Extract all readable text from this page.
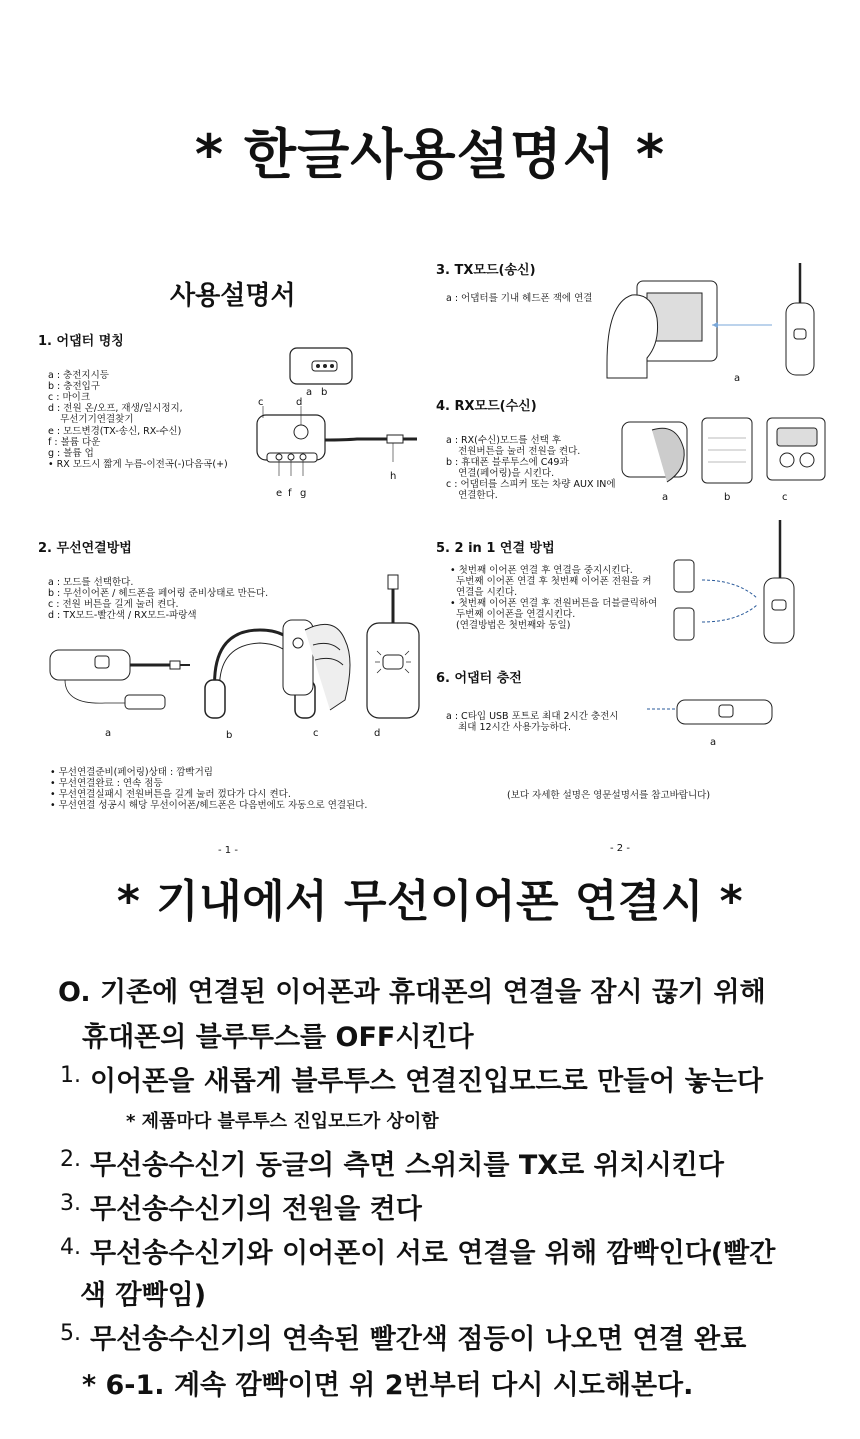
* 한글사용설명서 *
사용설명서
1. 어댑터 명칭
a : 충전지시등
b : 충전입구
c : 마이크
d : 전원 온/오프, 재생/일시정지,
무선기기연결찾기
e : 모드변경(TX-송신, RX-수신)
f : 볼륨 다운
g : 볼륨 업
• RX 모드시 짧게 누름-이전곡(-)다음곡(+)
a b
c	d
e f g
h
2. 무선연결방법
a : 모드를 선택한다.
b : 무선이어폰 / 헤드폰을 페어링 준비상태로 만든다.
c : 전원 버튼을 길게 눌러 켠다.
d : TX모드-빨간색 / RX모드-파랑색
a	b	c	d
• 무선연결준비(페어링)상태 : 깜빡거림
• 무선연결완료 : 연속 점등
• 무선연결실패시 전원버튼을 길게 눌러 껐다가 다시 켠다.
• 무선연결 성공시 해당 무선이어폰/헤드폰은 다음번에도 자동으로 연결된다.
- 1 -
3. TX모드(송신)
a : 어댑터를 기내 헤드폰 잭에 연결
a
4. RX모드(수신)
a : RX(수신)모드를 선택 후
전원버튼을 눌러 전원을 켠다.
b : 휴대폰 블루투스에 C49과
연결(페어링)을 시킨다.
c : 어댑터를 스피커 또는 차량 AUX IN에
연결한다.	a	b	c
5. 2 in 1 연결 방법
• 첫번째 이어폰 연결 후 연결을 중지시킨다.
두번째 이어폰 연결 후 첫번째 이어폰 전원을 켜
연결을 시킨다.
• 첫번째 이어폰 연결 후 전원버튼을 더블클릭하여
두번째 이어폰을 연결시킨다.
(연결방법은 첫번째와 동일)
6. 어댑터 충전
a : C타입 USB 포트로 최대 2시간 충전시
최대 12시간 사용가능하다.
a
(보다 자세한 설명은 영문설명서를 참고바랍니다)
- 2 -
* 기내에서 무선이어폰 연결시 *
O. 기존에 연결된 이어폰과 휴대폰의 연결을 잠시 끊기 위해
휴대폰의 블루투스를 OFF시킨다
1. 이어폰을 새롭게 블루투스 연결진입모드로 만들어 놓는다
* 제품마다 블루투스 진입모드가 상이함
2. 무선송수신기 동글의 측면 스위치를 TX로 위치시킨다
3. 무선송수신기의 전원을 켠다
4. 무선송수신기와 이어폰이 서로 연결을 위해 깜빡인다(빨간
색 깜빡임)
5. 무선송수신기의 연속된 빨간색 점등이 나오면 연결 완료
* 6-1. 계속 깜빡이면 위 2번부터 다시 시도해본다.
